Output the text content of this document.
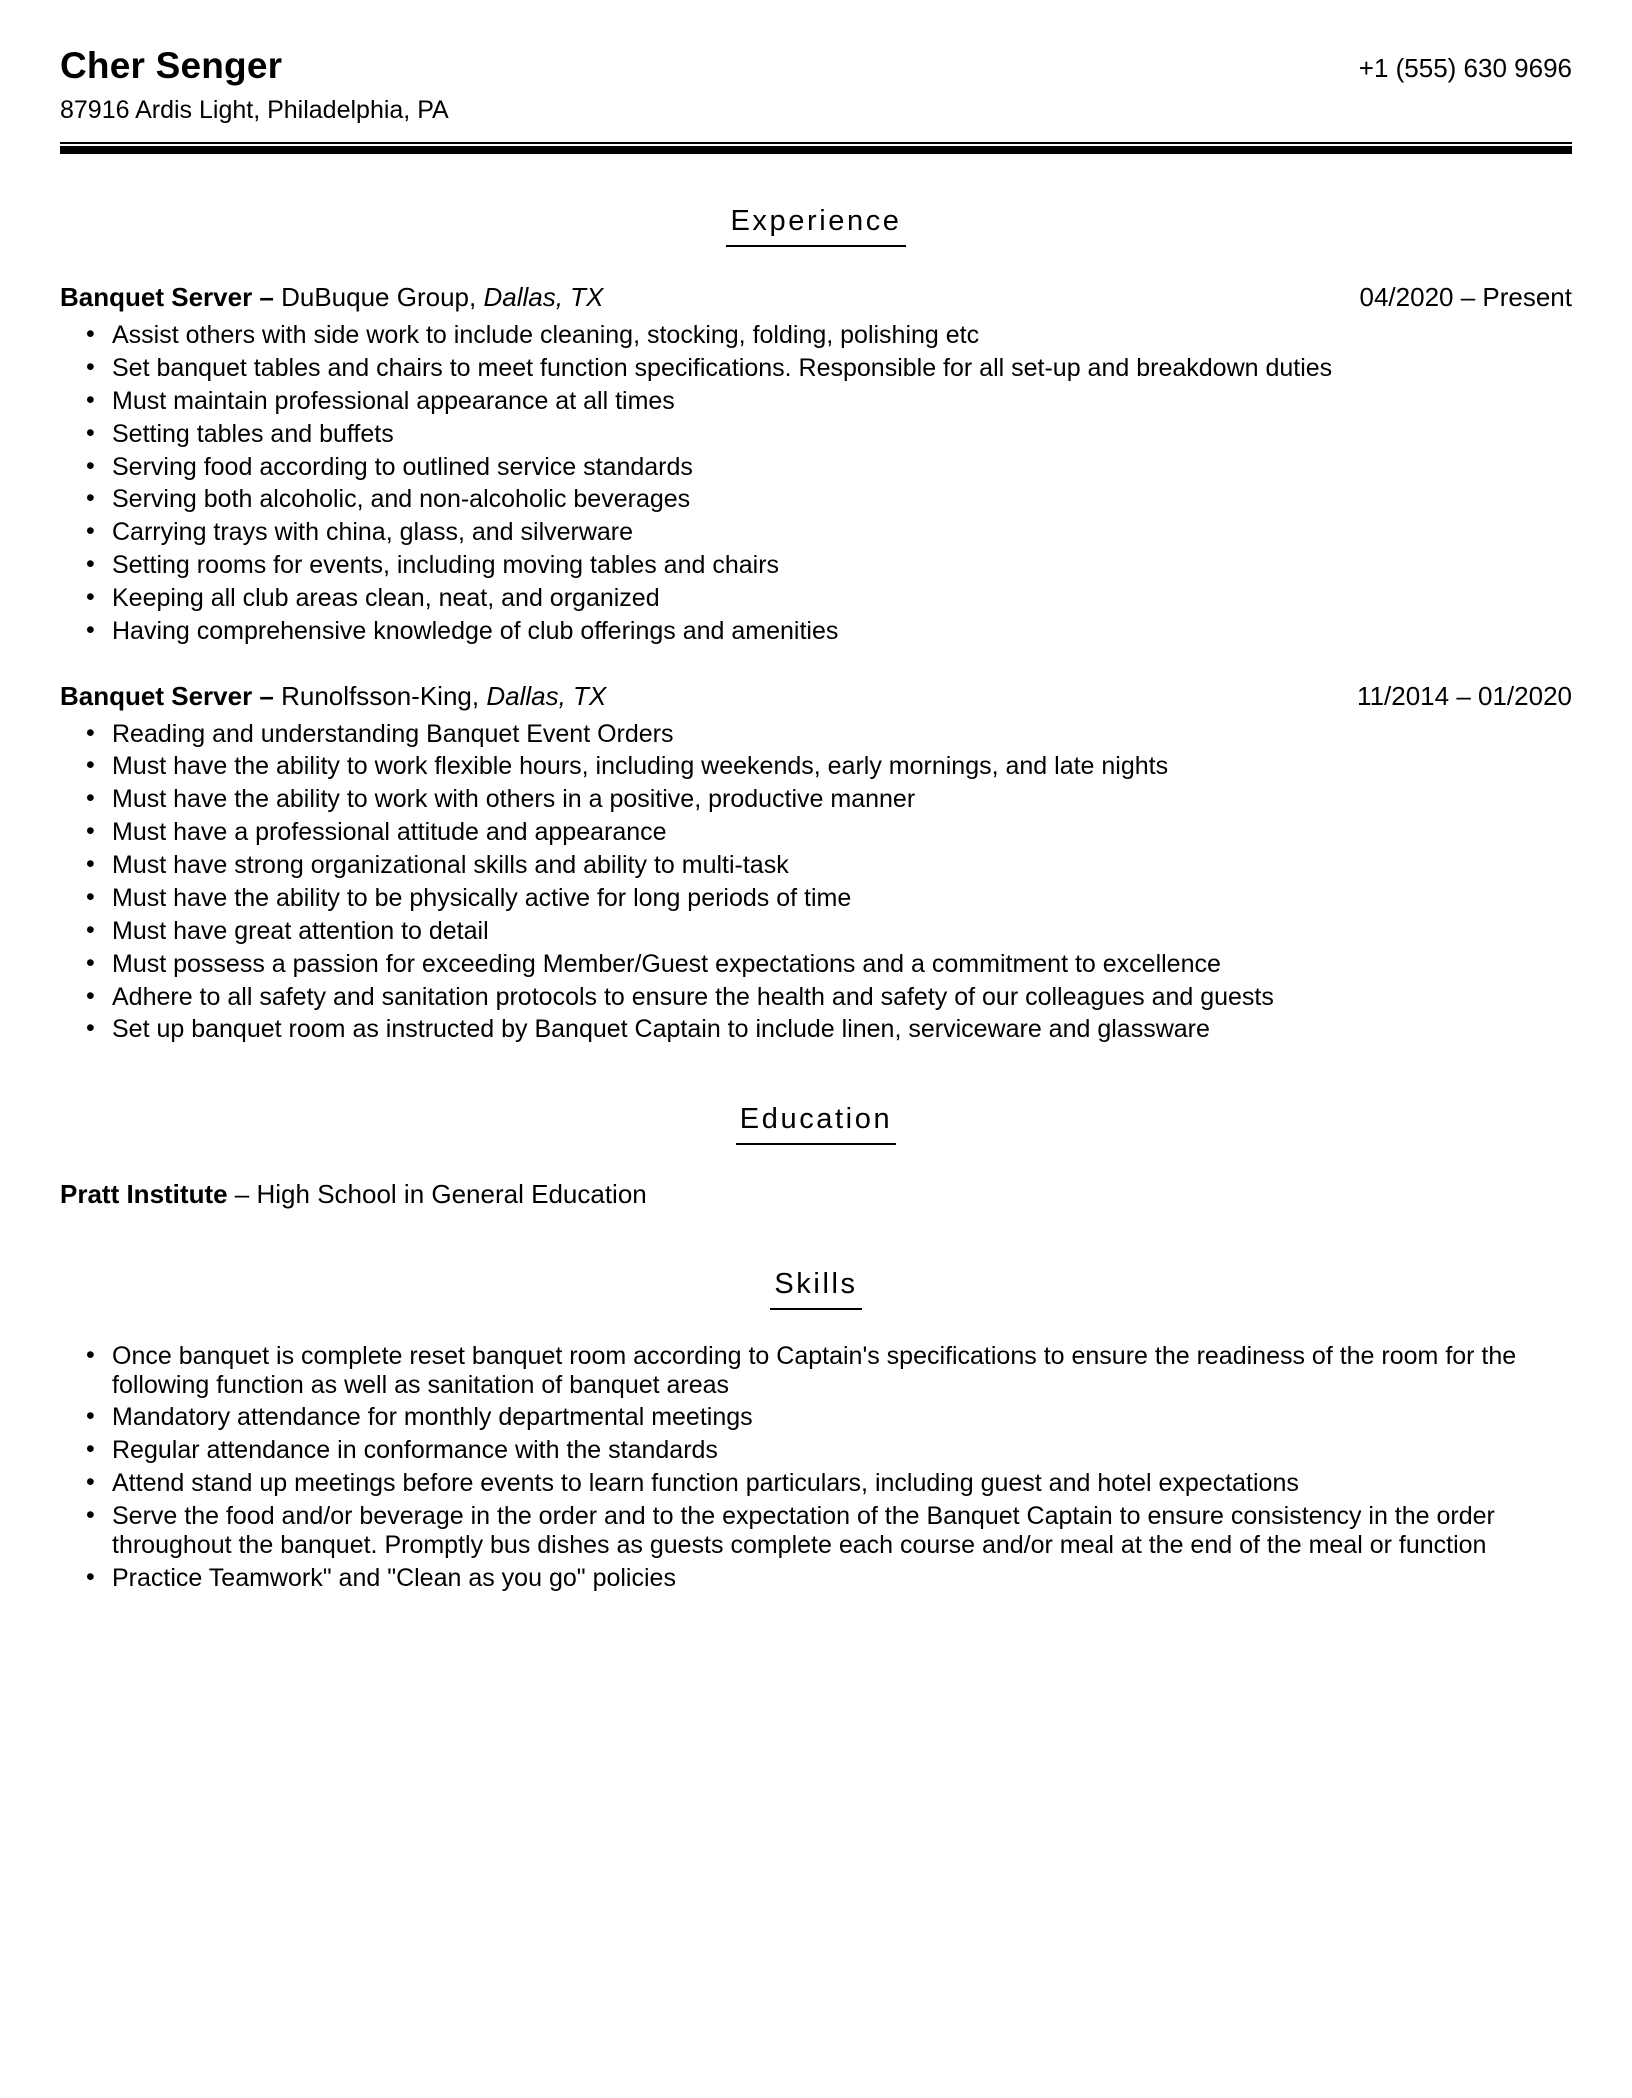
Cher Senger	+1 (555) 630 9696
87916 Ardis Light, Philadelphia, PA
Experience
Banquet Server – DuBuque Group, Dallas, TX	04/2020 – Present
• Assist others with side work to include cleaning, stocking, folding, polishing etc
• Set banquet tables and chairs to meet function specifications. Responsible for all set-up and breakdown duties
• Must maintain professional appearance at all times
• Setting tables and buffets
• Serving food according to outlined service standards
• Serving both alcoholic, and non-alcoholic beverages
• Carrying trays with china, glass, and silverware
• Setting rooms for events, including moving tables and chairs
• Keeping all club areas clean, neat, and organized
• Having comprehensive knowledge of club offerings and amenities
Banquet Server – Runolfsson-King, Dallas, TX	11/2014 – 01/2020
• Reading and understanding Banquet Event Orders
• Must have the ability to work flexible hours, including weekends, early mornings, and late nights
• Must have the ability to work with others in a positive, productive manner
• Must have a professional attitude and appearance
• Must have strong organizational skills and ability to multi-task
• Must have the ability to be physically active for long periods of time
• Must have great attention to detail
• Must possess a passion for exceeding Member/Guest expectations and a commitment to excellence
• Adhere to all safety and sanitation protocols to ensure the health and safety of our colleagues and guests
• Set up banquet room as instructed by Banquet Captain to include linen, serviceware and glassware
Education
Pratt Institute – High School in General Education
Skills
• Once banquet is complete reset banquet room according to Captain's specifications to ensure the readiness of the room for the following function as well as sanitation of banquet areas
• Mandatory attendance for monthly departmental meetings
• Regular attendance in conformance with the standards
• Attend stand up meetings before events to learn function particulars, including guest and hotel expectations
• Serve the food and/or beverage in the order and to the expectation of the Banquet Captain to ensure consistency in the order throughout the banquet. Promptly bus dishes as guests complete each course and/or meal at the end of the meal or function
• Practice Teamwork" and "Clean as you go" policies
